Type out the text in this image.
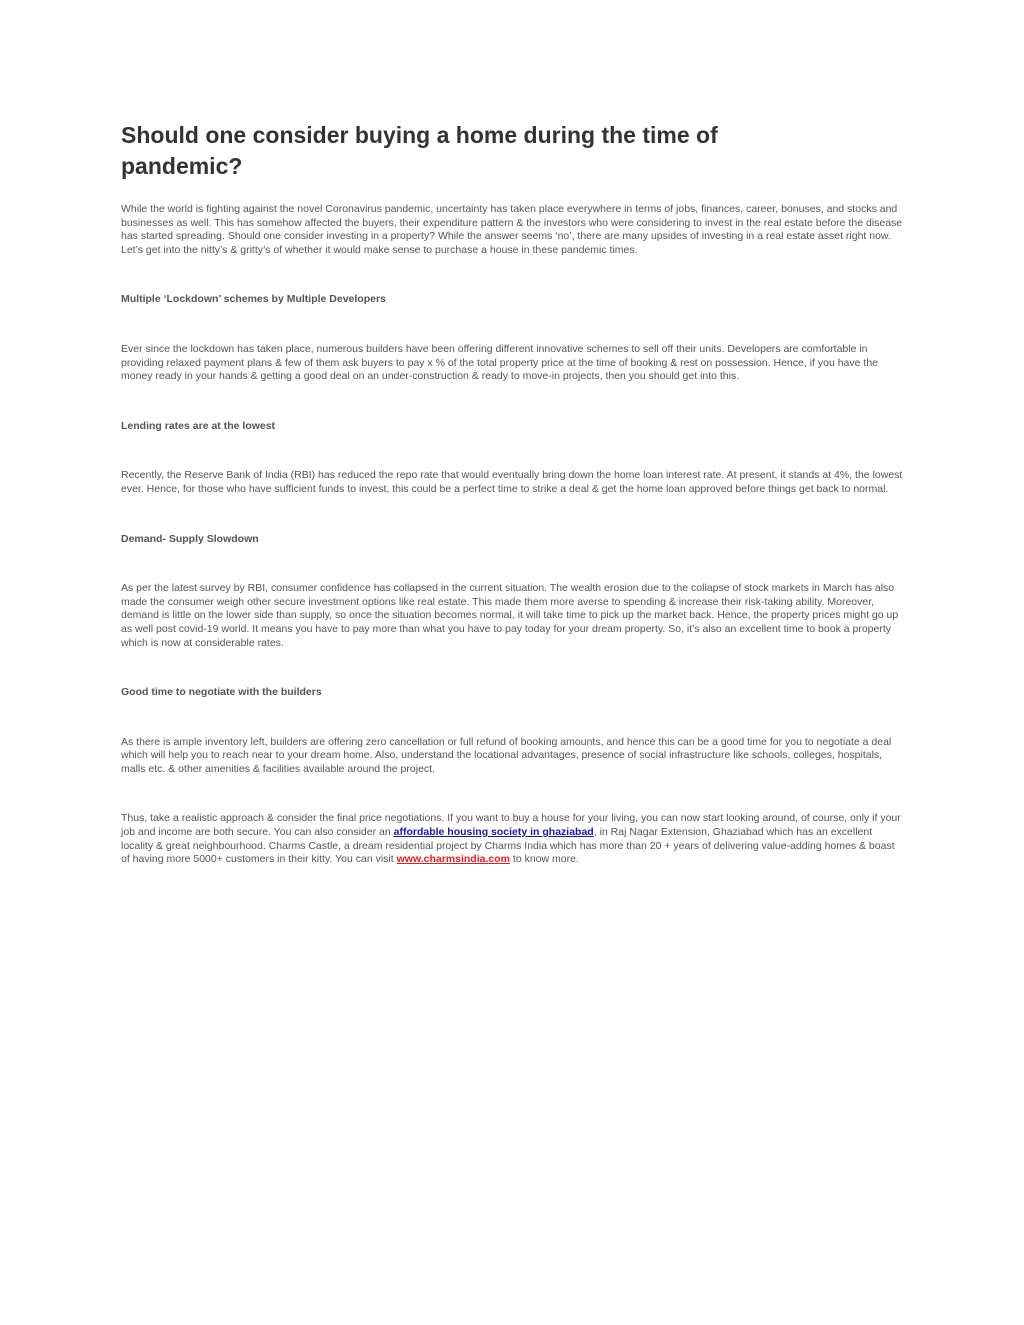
Should one consider buying a home during the time of pandemic?

While the world is fighting against the novel Coronavirus pandemic, uncertainty has taken place everywhere in terms of jobs, finances, career, bonuses, and stocks and businesses as well. This has somehow affected the buyers, their expenditure pattern & the investors who were considering to invest in the real estate before the disease has started spreading. Should one consider investing in a property? While the answer seems ‘no’, there are many upsides of investing in a real estate asset right now. Let’s get into the nitty’s & gritty’s of whether it would make sense to purchase a house in these pandemic times.

Multiple ‘Lockdown’ schemes by Multiple Developers

Ever since the lockdown has taken place, numerous builders have been offering different innovative schemes to sell off their units. Developers are comfortable in providing relaxed payment plans & few of them ask buyers to pay x % of the total property price at the time of booking & rest on possession. Hence, if you have the money ready in your hands & getting a good deal on an under-construction & ready to move-in projects, then you should get into this.

Lending rates are at the lowest

Recently, the Reserve Bank of India (RBI) has reduced the repo rate that would eventually bring down the home loan interest rate. At present, it stands at 4%, the lowest ever. Hence, for those who have sufficient funds to invest, this could be a perfect time to strike a deal & get the home loan approved before things get back to normal.

Demand- Supply Slowdown

As per the latest survey by RBI, consumer confidence has collapsed in the current situation. The wealth erosion due to the collapse of stock markets in March has also made the consumer weigh other secure investment options like real estate. This made them more averse to spending & increase their risk-taking ability. Moreover, demand is little on the lower side than supply, so once the situation becomes normal, it will take time to pick up the market back. Hence, the property prices might go up as well post covid-19 world. It means you have to pay more than what you have to pay today for your dream property. So, it’s also an excellent time to book a property which is now at considerable rates.

Good time to negotiate with the builders

As there is ample inventory left, builders are offering zero cancellation or full refund of booking amounts, and hence this can be a good time for you to negotiate a deal which will help you to reach near to your dream home. Also, understand the locational advantages, presence of social infrastructure like schools, colleges, hospitals, malls etc. & other amenities & facilities available around the project.

Thus, take a realistic approach & consider the final price negotiations. If you want to buy a house for your living, you can now start looking around, of course, only if your job and income are both secure. You can also consider an affordable housing society in ghaziabad, in Raj Nagar Extension, Ghaziabad which has an excellent locality & great neighbourhood. Charms Castle, a dream residential project by Charms India which has more than 20 + years of delivering value-adding homes & boast of having more 5000+ customers in their kitty. You can visit www.charmsindia.com to know more.
